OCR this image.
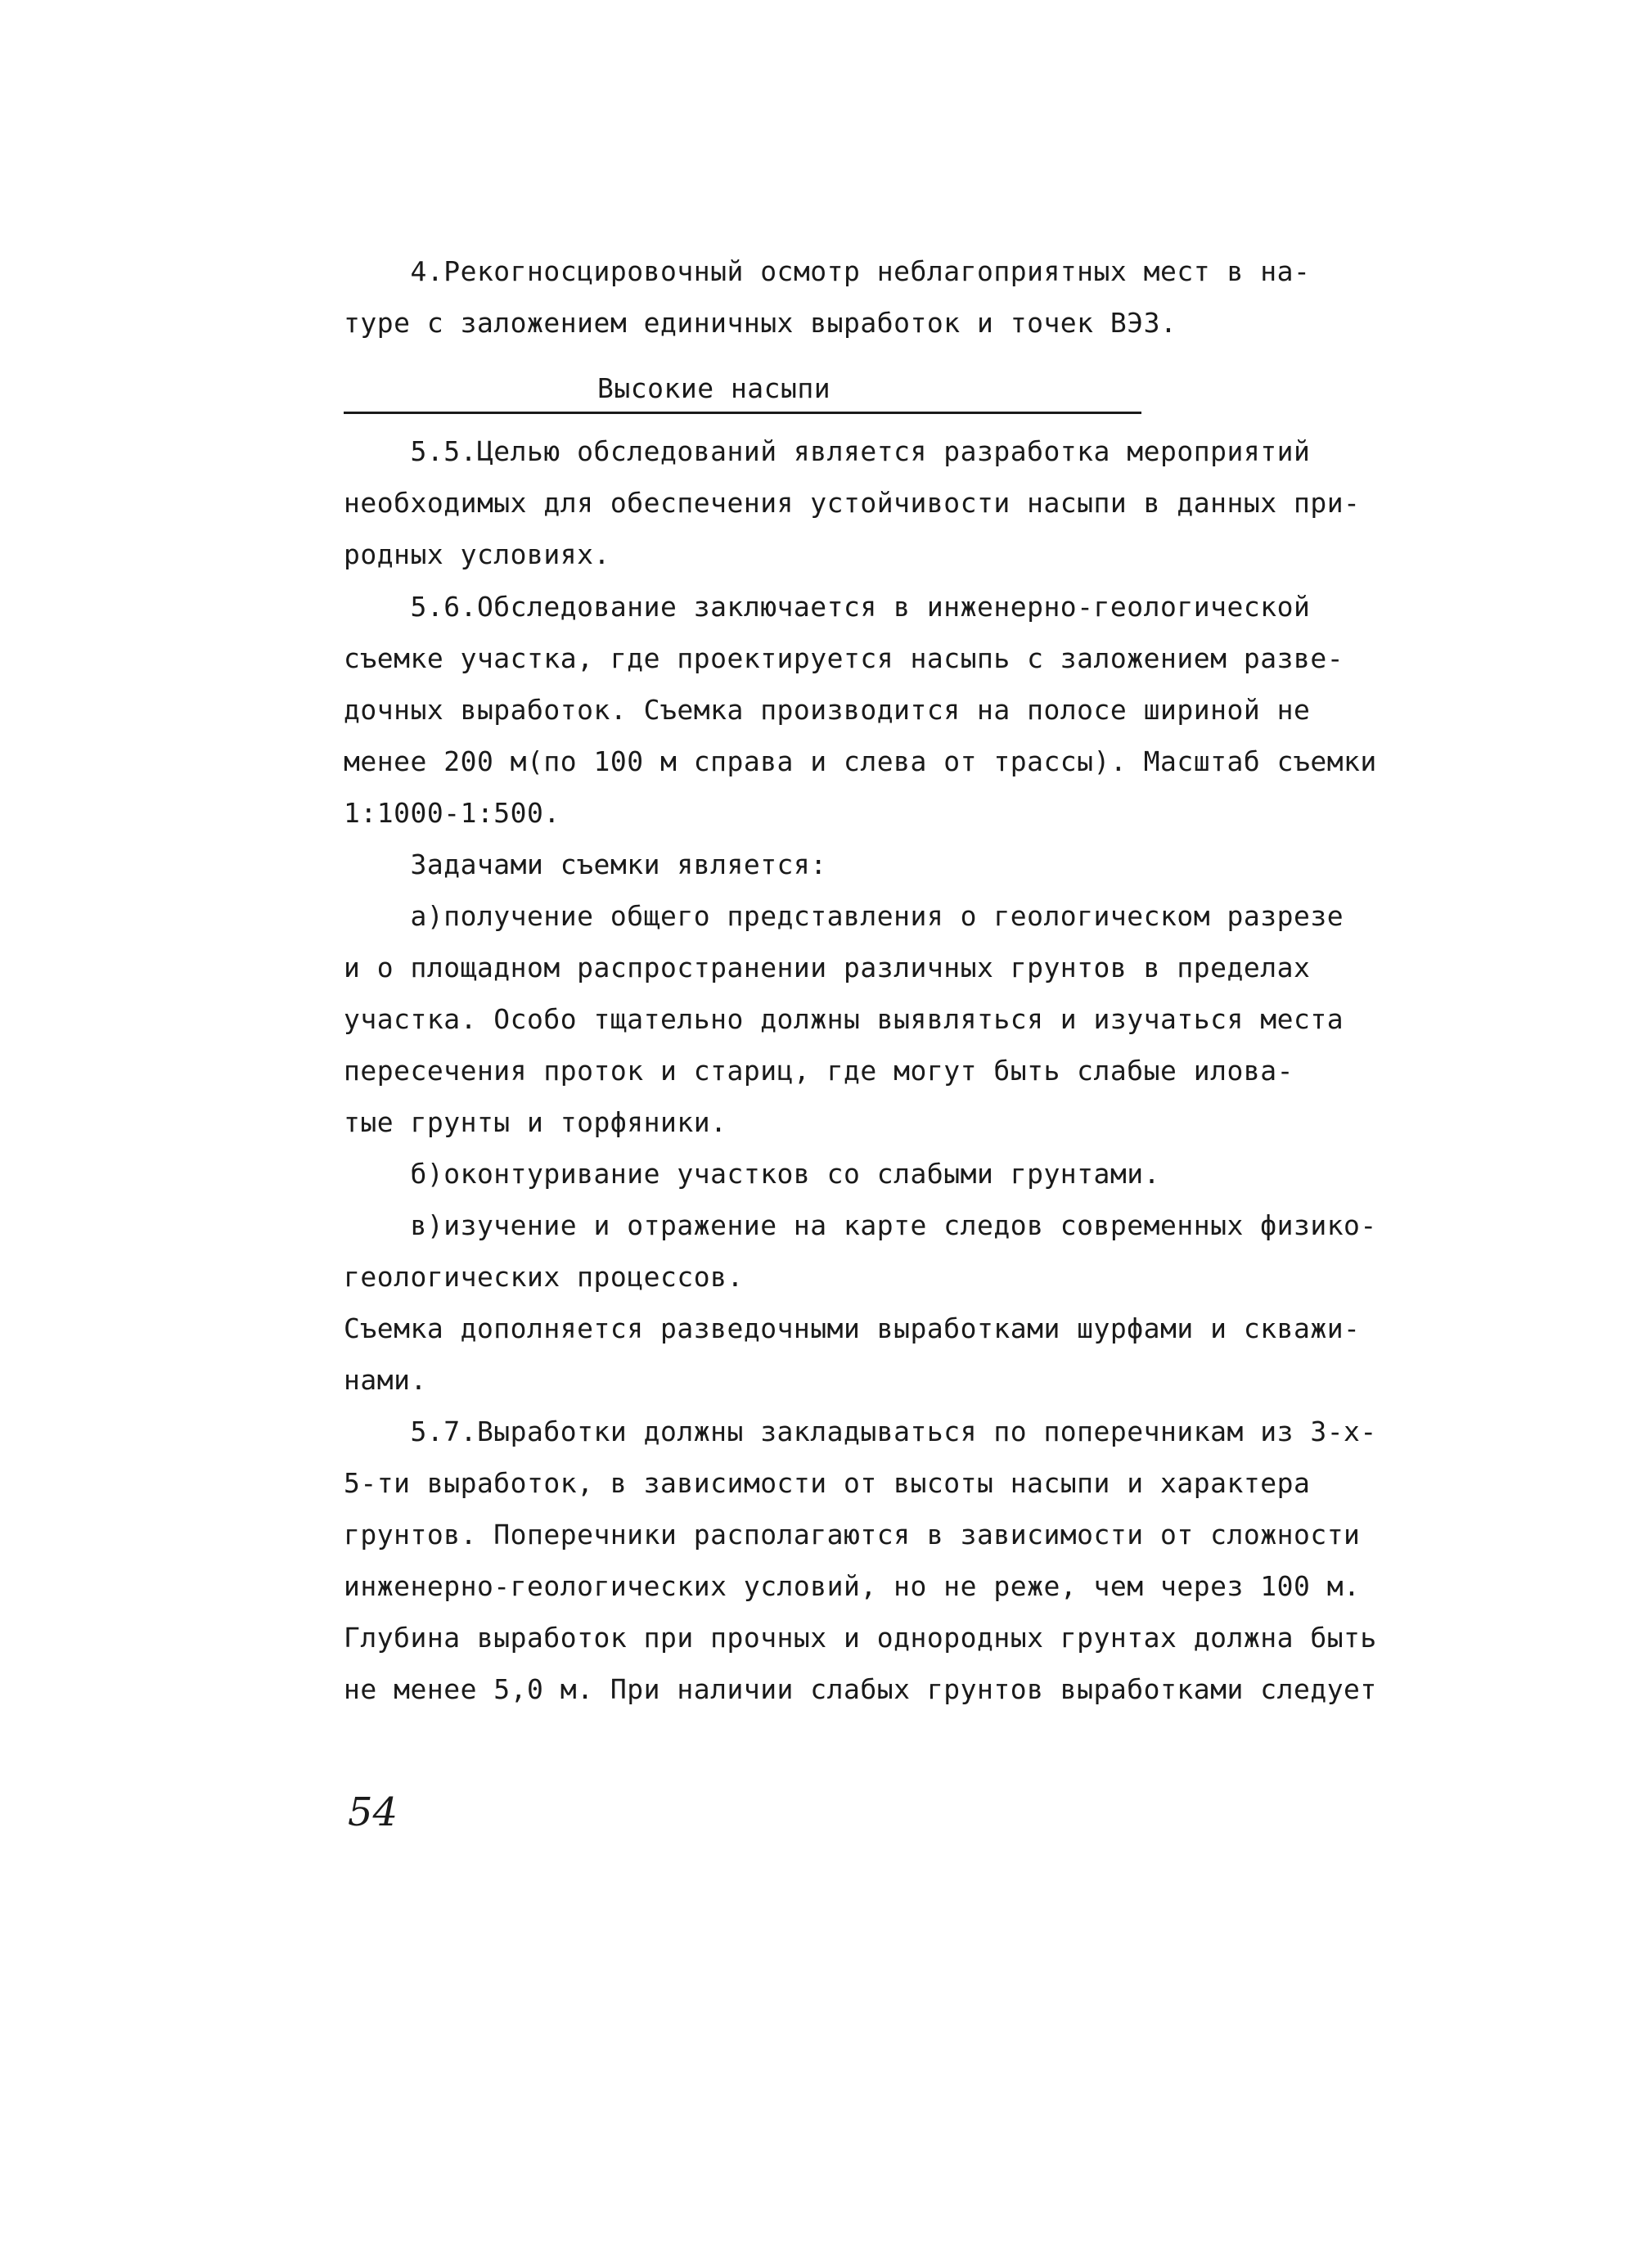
4.Рекогносцировочный осмотр неблагоприятных мест в на-
туре с заложением единичных выработок и точек ВЭЗ.
Высокие насыпи
5.5.Целью обследований является разработка мероприятий
необходимых для обеспечения устойчивости насыпи в данных при-
родных условиях.
5.6.Обследование заключается в инженерно-геологической
съемке участка, где проектируется насыпь с заложением разве-
дочных выработок. Съемка производится на полосе шириной не
менее 200 м(по 100 м справа и слева от трассы). Масштаб съемки
1:1000-1:500.
Задачами съемки является:
а)получение общего представления о геологическом разрезе
и о площадном распространении различных грунтов в пределах
участка. Особо тщательно должны выявляться и изучаться места
пересечения проток и стариц, где могут быть слабые илова-
тые грунты и торфяники.
б)оконтуривание участков со слабыми грунтами.
в)изучение и отражение на карте следов современных физико-
геологических процессов.
Съемка дополняется разведочными выработками шурфами и скважи-
нами.
5.7.Выработки должны закладываться по поперечникам из 3-х-
5-ти выработок, в зависимости от высоты насыпи и характера
грунтов. Поперечники располагаются в зависимости от сложности
инженерно-геологических условий, но не реже, чем через 100 м.
Глубина выработок при прочных и однородных грунтах должна быть
не менее 5,0 м. При наличии слабых грунтов выработками следует
54
